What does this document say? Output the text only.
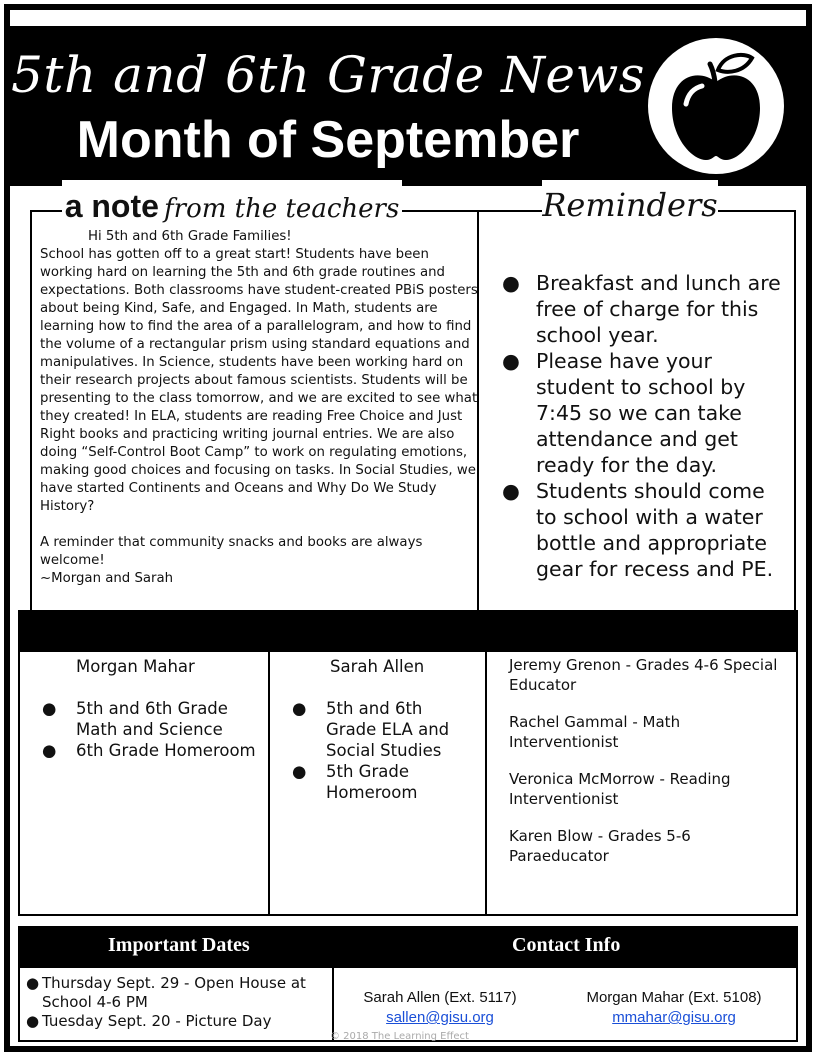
5th and 6th Grade News
Month of September
a note from the teachers	Reminders

Hi 5th and 6th Grade Families!

School has gotten off to a great start! Students have been working hard on learning the 5th and 6th grade routines and expectations. Both classrooms have student-created PBiS posters about being Kind, Safe, and Engaged. In Math, students are learning how to find the area of a parallelogram, and how to find the volume of a rectangular prism using standard equations and manipulatives. In Science, students have been working hard on their research projects about famous scientists. Students will be presenting to the class tomorrow, and we are excited to see what they created! In ELA, students are reading Free Choice and Just Right books and practicing writing journal entries. We are also doing “Self-Control Boot Camp” to work on regulating emotions, making good choices and focusing on tasks. In Social Studies, we have started Continents and Oceans and Why Do We Study History?

A reminder that community snacks and books are always welcome!

~Morgan and Sarah

● Breakfast and lunch are free of charge for this school year.
● Please have your student to school by 7:45 so we can take attendance and get ready for the day.
● Students should come to school with a water bottle and appropriate gear for recess and PE.
Morgan Mahar
● 5th and 6th Grade Math and Science
● 6th Grade Homeroom
Sarah Allen
● 5th and 6th Grade ELA and Social Studies
● 5th Grade Homeroom

Jeremy Grenon - Grades 4-6 Special Educator

Rachel Gammal - Math Interventionist

Veronica McMorrow - Reading Interventionist

Karen Blow - Grades 5-6 Paraeducator

Important Dates	Contact Info
● Thursday Sept. 29 - Open House at School 4-6 PM
● Tuesday Sept. 20 - Picture Day
Sarah Allen (Ext. 5117)
sallen@gisu.org
Morgan Mahar (Ext. 5108)
mmahar@gisu.org
© 2018 The Learning Effect
